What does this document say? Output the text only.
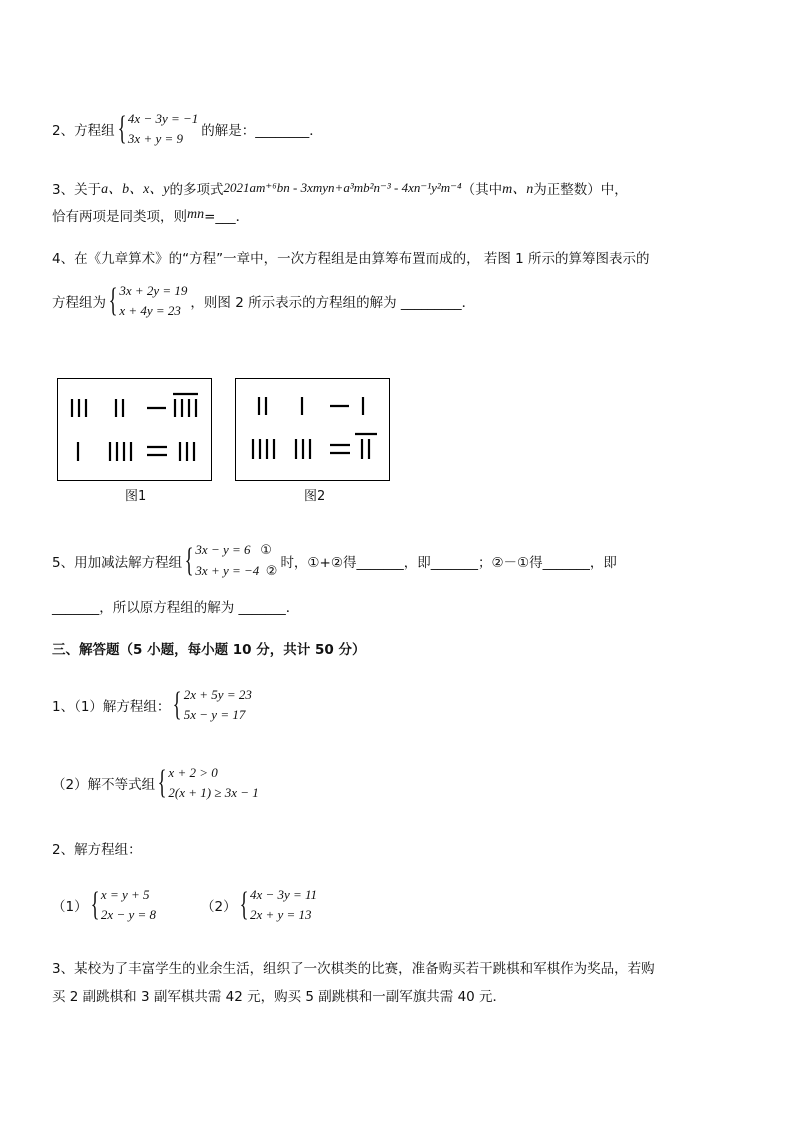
2、方程组 { 4x − 3y = −1
3x + y = 9	的解是：________．
3、关于 a、b、x、y 的多项式 2021am⁺⁶bn - 3xmyn+a³mb²n⁻³ - 4xn⁻¹y²m⁻⁴ （其中 m、n 为正整数）中，
恰有两项是同类项，则 mn =___．
4、在《九章算术》的“方程”一章中，一次方程组是由算筹布置而成的， 若图 1 所示的算筹图表示的
方程组为 { 3x + 2y = 19
x + 4y = 23 ，则图 2 所示表示的方程组的解为 _________．
图1	图2
5、用加减法解方程组 { 3x − y = 6 ①
3x + y = −4 ②
时，①+②得_______，即_______；②－①得_______，即
_______，所以原方程组的解为 _______．
三、解答题（5 小题，每小题 10 分，共计 50 分）
1、（1）解方程组： { 2x + 5y = 23
5x − y = 17
（2）解不等式组 { x + 2 > 0
2(x + 1) ≥ 3x − 1
2、解方程组：
（1） { x = y + 5
2x − y = 8	（2） { 4x − 3y = 11
2x + y = 13
3、某校为了丰富学生的业余生活，组织了一次棋类的比赛，准备购买若干跳棋和军棋作为奖品，若购
买 2 副跳棋和 3 副军棋共需 42 元，购买 5 副跳棋和一副军旗共需 40 元．
